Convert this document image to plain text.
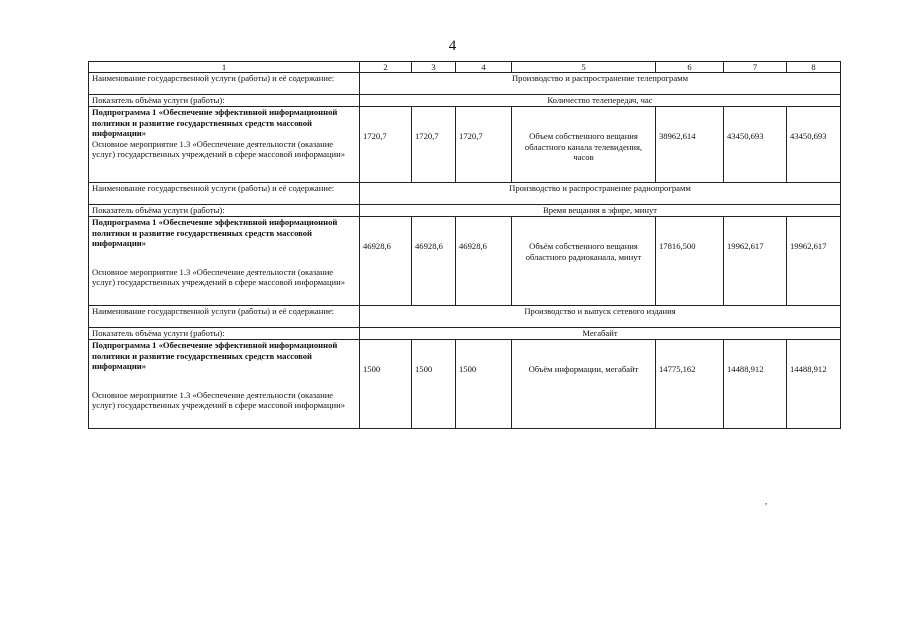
4
1	2	3	4	5	6	7	8
Наименование государственной услуги (работы) и её содержание:	Производство и распространение телепрограмм						
Показатель объёма услуги (работы):	Количество телепередач, час						

Подпрограмма 1 «Обеспечение эффективной информационной политики и развитие государственных средств массовой информации»
Основное мероприятие 1.3 «Обеспечение деятельности (оказание услуг) государственных учреждений в сфере массовой информации»	1720,7	1720,7	1720,7	Объем собственного вещания областного канала телевидения, часов	38962,614	43450,693	43450,693
Наименование государственной услуги (работы) и её содержание:	Производство и распространение радиопрограмм						
Показатель объёма услуги (работы):	Время вещания в эфире, минут						

Подпрограмма 1 «Обеспечение эффективной информационной политики и развитие государственных средств массовой информации»
Основное мероприятие 1.3 «Обеспечение деятельности (оказание услуг) государственных учреждений в сфере массовой информации»	46928,6	46928,6	46928,6	Объём собственного вещания областного радиоканала, минут	17816,500	19962,617	19962,617
Наименование государственной услуги (работы) и её содержание:	Производство и выпуск сетевого издания						
Показатель объёма услуги (работы):	Мегабайт						

Подпрограмма 1 «Обеспечение эффективной информационной политики и развитие государственных средств массовой информации»
Основное мероприятие 1.3 «Обеспечение деятельности (оказание услуг) государственных учреждений в сфере массовой информации»	1500	1500	1500	Объём информации, мегабайт	14775,162	14488,912	14488,912
,
